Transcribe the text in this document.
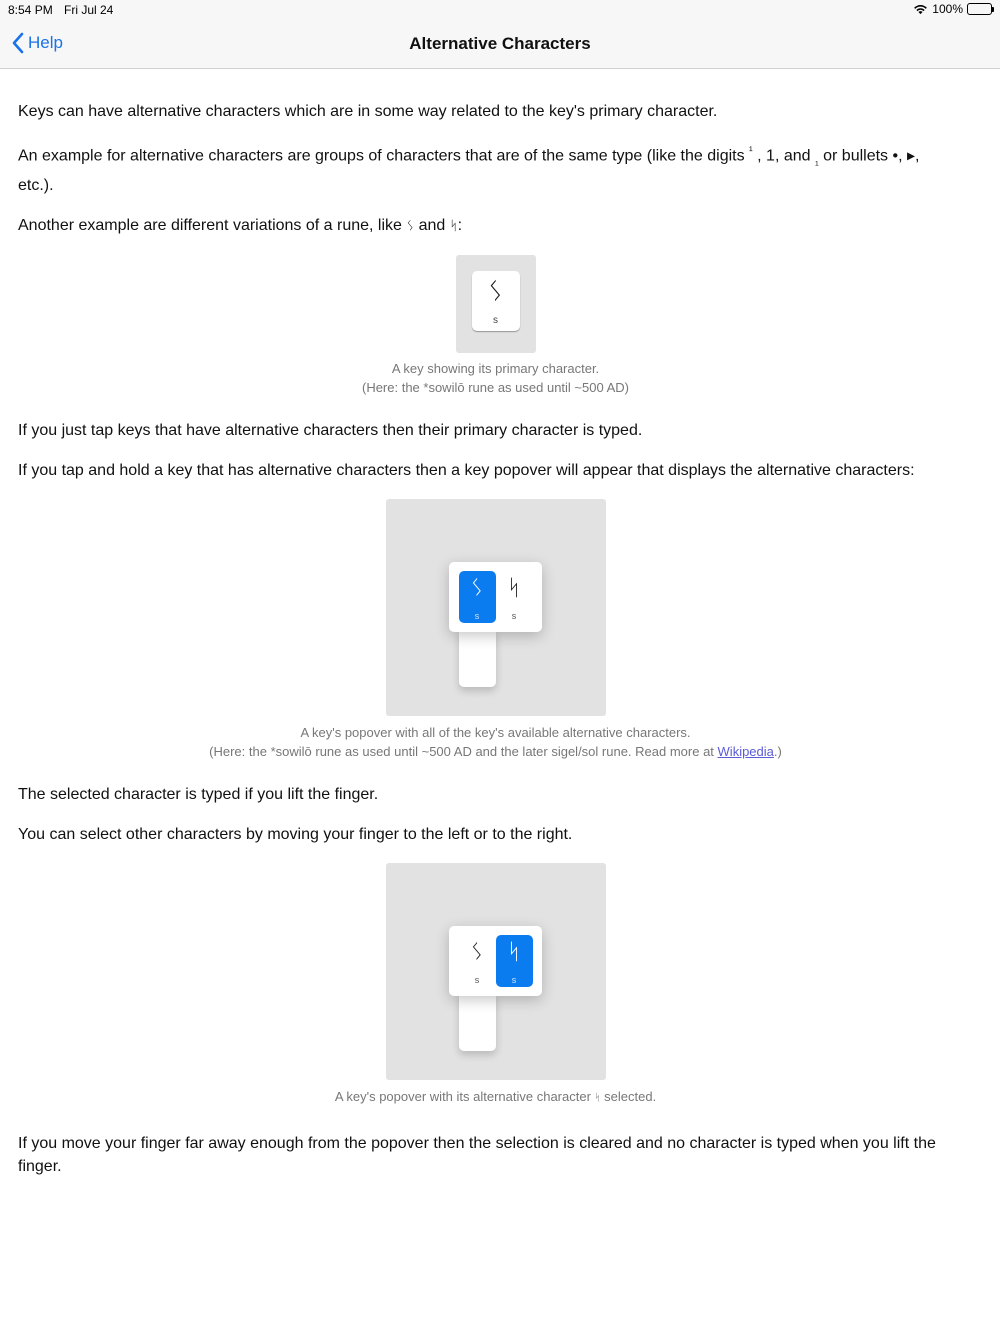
8:54 PM Fri Jul 24	100%
Help	Alternative Characters

Keys can have alternative characters which are in some way related to the key's primary character.

An example for alternative characters are groups of characters that are of the same type (like the digits $^{^1}$ , 1, and $_{_1}$ or bullets •, ▸,
etc.).

Another example are different variations of a rune, like ᛊ and ᛋ:

ᛊ
s
A key showing its primary character.
(Here: the *sowilō rune as used until ~500 AD)

If you just tap keys that have alternative characters then their primary character is typed.

If you tap and hold a key that has alternative characters then a key popover will appear that displays the alternative characters:

ᛊ
s
ᛋ
s
A key's popover with all of the key's available alternative characters.
(Here: the *sowilō rune as used until ~500 AD and the later sigel/sol rune. Read more at Wikipedia.)

The selected character is typed if you lift the finger.

You can select other characters by moving your finger to the left or to the right.

ᛊ
s
ᛋ
s
A key's popover with its alternative character ᛋ selected.

If you move your finger far away enough from the popover then the selection is cleared and no character is typed when you lift the finger.
